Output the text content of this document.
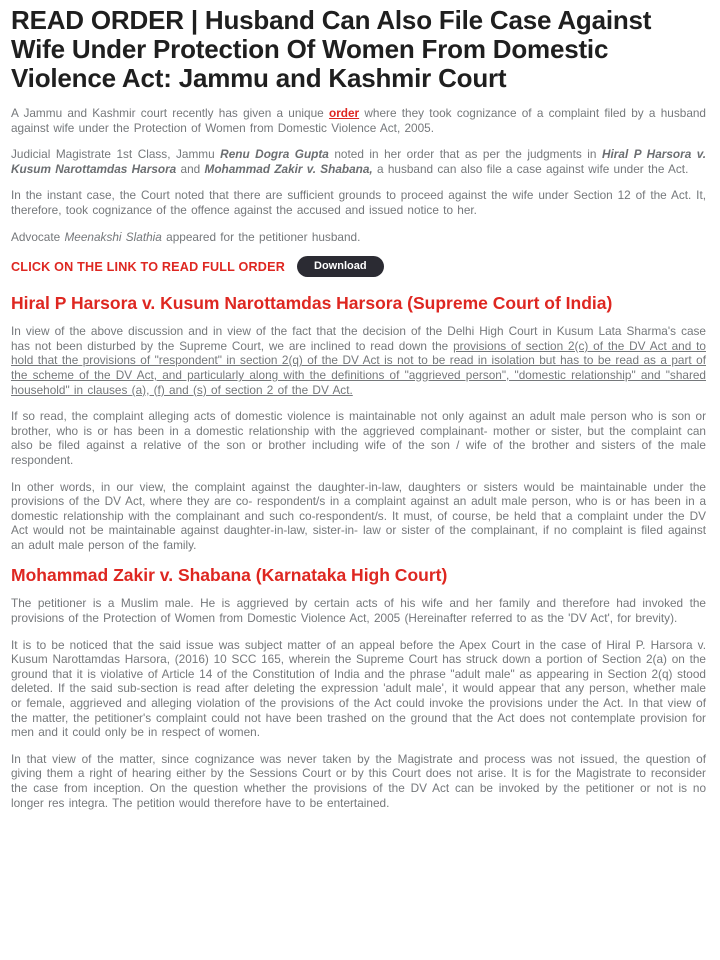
READ ORDER | Husband Can Also File Case Against Wife Under Protection Of Women From Domestic Violence Act: Jammu and Kashmir Court

A Jammu and Kashmir court recently has given a unique order where they took cognizance of a complaint filed by a husband against wife under the Protection of Women from Domestic Violence Act, 2005.

Judicial Magistrate 1st Class, Jammu Renu Dogra Gupta noted in her order that as per the judgments in Hiral P Harsora v. Kusum Narottamdas Harsora and Mohammad Zakir v. Shabana, a husband can also file a case against wife under the Act.

In the instant case, the Court noted that there are sufficient grounds to proceed against the wife under Section 12 of the Act. It, therefore, took cognizance of the offence against the accused and issued notice to her.

Advocate Meenakshi Slathia appeared for the petitioner husband.

CLICK ON THE LINK TO READ FULL ORDER	Download
Hiral P Harsora v. Kusum Narottamdas Harsora (Supreme Court of India)

In view of the above discussion and in view of the fact that the decision of the Delhi High Court in Kusum Lata Sharma's case has not been disturbed by the Supreme Court, we are inclined to read down the provisions of section 2(c) of the DV Act and to hold that the provisions of "respondent" in section 2(q) of the DV Act is not to be read in isolation but has to be read as a part of the scheme of the DV Act, and particularly along with the definitions of "aggrieved person", "domestic relationship" and "shared household" in clauses (a), (f) and (s) of section 2 of the DV Act.

If so read, the complaint alleging acts of domestic violence is maintainable not only against an adult male person who is son or brother, who is or has been in a domestic relationship with the aggrieved complainant- mother or sister, but the complaint can also be filed against a relative of the son or brother including wife of the son / wife of the brother and sisters of the male respondent.

In other words, in our view, the complaint against the daughter-in-law, daughters or sisters would be maintainable under the provisions of the DV Act, where they are co- respondent/s in a complaint against an adult male person, who is or has been in a domestic relationship with the complainant and such co-respondent/s. It must, of course, be held that a complaint under the DV Act would not be maintainable against daughter-in-law, sister-in- law or sister of the complainant, if no complaint is filed against an adult male person of the family.

Mohammad Zakir v. Shabana (Karnataka High Court)

The petitioner is a Muslim male. He is aggrieved by certain acts of his wife and her family and therefore had invoked the provisions of the Protection of Women from Domestic Violence Act, 2005 (Hereinafter referred to as the 'DV Act', for brevity).

It is to be noticed that the said issue was subject matter of an appeal before the Apex Court in the case of Hiral P. Harsora v. Kusum Narottamdas Harsora, (2016) 10 SCC 165, wherein the Supreme Court has struck down a portion of Section 2(a) on the ground that it is violative of Article 14 of the Constitution of India and the phrase "adult male" as appearing in Section 2(q) stood deleted. If the said sub-section is read after deleting the expression 'adult male', it would appear that any person, whether male or female, aggrieved and alleging violation of the provisions of the Act could invoke the provisions under the Act. In that view of the matter, the petitioner's complaint could not have been trashed on the ground that the Act does not contemplate provision for men and it could only be in respect of women.

In that view of the matter, since cognizance was never taken by the Magistrate and process was not issued, the question of giving them a right of hearing either by the Sessions Court or by this Court does not arise. It is for the Magistrate to reconsider the case from inception. On the question whether the provisions of the DV Act can be invoked by the petitioner or not is no longer res integra. The petition would therefore have to be entertained.
